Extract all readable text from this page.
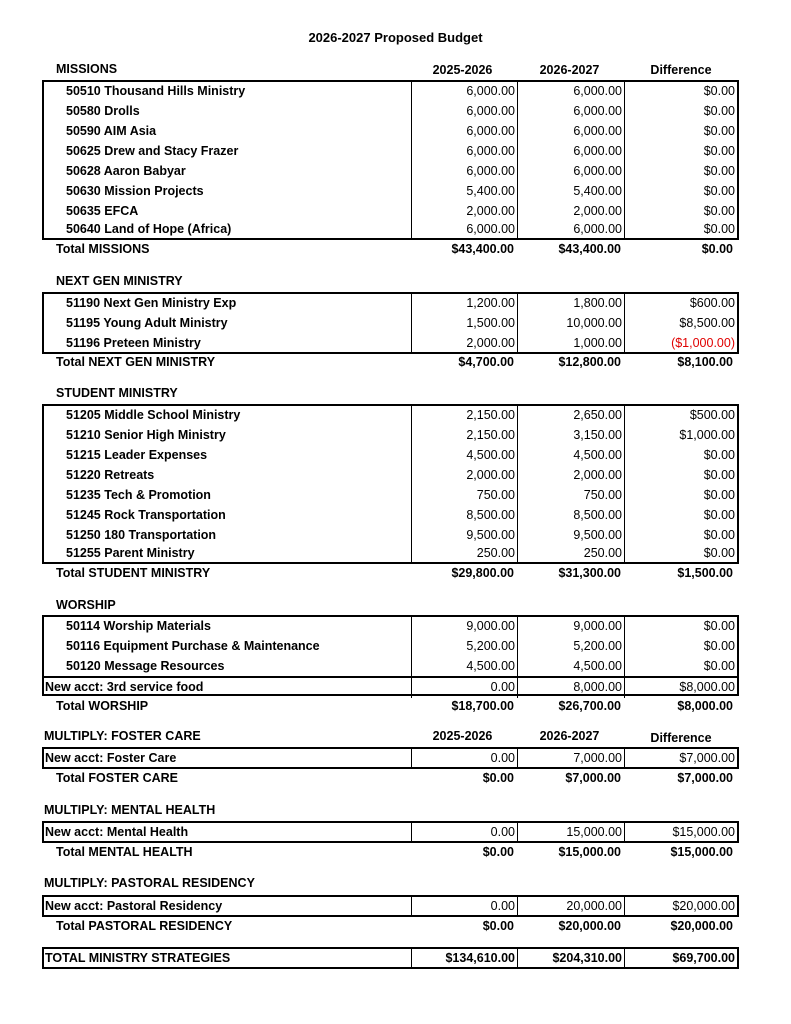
2026-2027 Proposed Budget
MISSIONS	2025-2026	2026-2027	Difference
50510 Thousand Hills Ministry	6,000.00	6,000.00	$0.00
50580 Drolls	6,000.00	6,000.00	$0.00
50590 AIM Asia	6,000.00	6,000.00	$0.00
50625 Drew and Stacy Frazer	6,000.00	6,000.00	$0.00
50628 Aaron Babyar	6,000.00	6,000.00	$0.00
50630 Mission Projects	5,400.00	5,400.00	$0.00
50635 EFCA	2,000.00	2,000.00	$0.00
50640 Land of Hope (Africa)	6,000.00	6,000.00	$0.00
Total MISSIONS	$43,400.00	$43,400.00	$0.00
NEXT GEN MINISTRY
51190 Next Gen Ministry Exp	1,200.00	1,800.00	$600.00
51195 Young Adult Ministry	1,500.00	10,000.00	$8,500.00
51196 Preteen Ministry	2,000.00	1,000.00	($1,000.00)
Total NEXT GEN MINISTRY	$4,700.00	$12,800.00	$8,100.00
STUDENT MINISTRY
51205 Middle School Ministry	2,150.00	2,650.00	$500.00
51210 Senior High Ministry	2,150.00	3,150.00	$1,000.00
51215 Leader Expenses	4,500.00	4,500.00	$0.00
51220 Retreats	2,000.00	2,000.00	$0.00
51235 Tech & Promotion	750.00	750.00	$0.00
51245 Rock Transportation	8,500.00	8,500.00	$0.00
51250 180 Transportation	9,500.00	9,500.00	$0.00
51255 Parent Ministry	250.00	250.00	$0.00
Total STUDENT MINISTRY	$29,800.00	$31,300.00	$1,500.00
WORSHIP
50114 Worship Materials	9,000.00	9,000.00	$0.00
50116 Equipment Purchase & Maintenance	5,200.00	5,200.00	$0.00
50120 Message Resources	4,500.00	4,500.00	$0.00
New acct: 3rd service food	0.00	8,000.00	$8,000.00
Total WORSHIP	$18,700.00	$26,700.00	$8,000.00
MULTIPLY: FOSTER CARE	2025-2026	2026-2027	Difference
New acct: Foster Care	0.00	7,000.00	$7,000.00
Total FOSTER CARE	$0.00	$7,000.00	$7,000.00
MULTIPLY: MENTAL HEALTH
New acct: Mental Health	0.00	15,000.00	$15,000.00
Total MENTAL HEALTH	$0.00	$15,000.00	$15,000.00
MULTIPLY: PASTORAL RESIDENCY
New acct: Pastoral Residency	0.00	20,000.00	$20,000.00
Total PASTORAL RESIDENCY	$0.00	$20,000.00	$20,000.00
TOTAL MINISTRY STRATEGIES	$134,610.00	$204,310.00	$69,700.00
